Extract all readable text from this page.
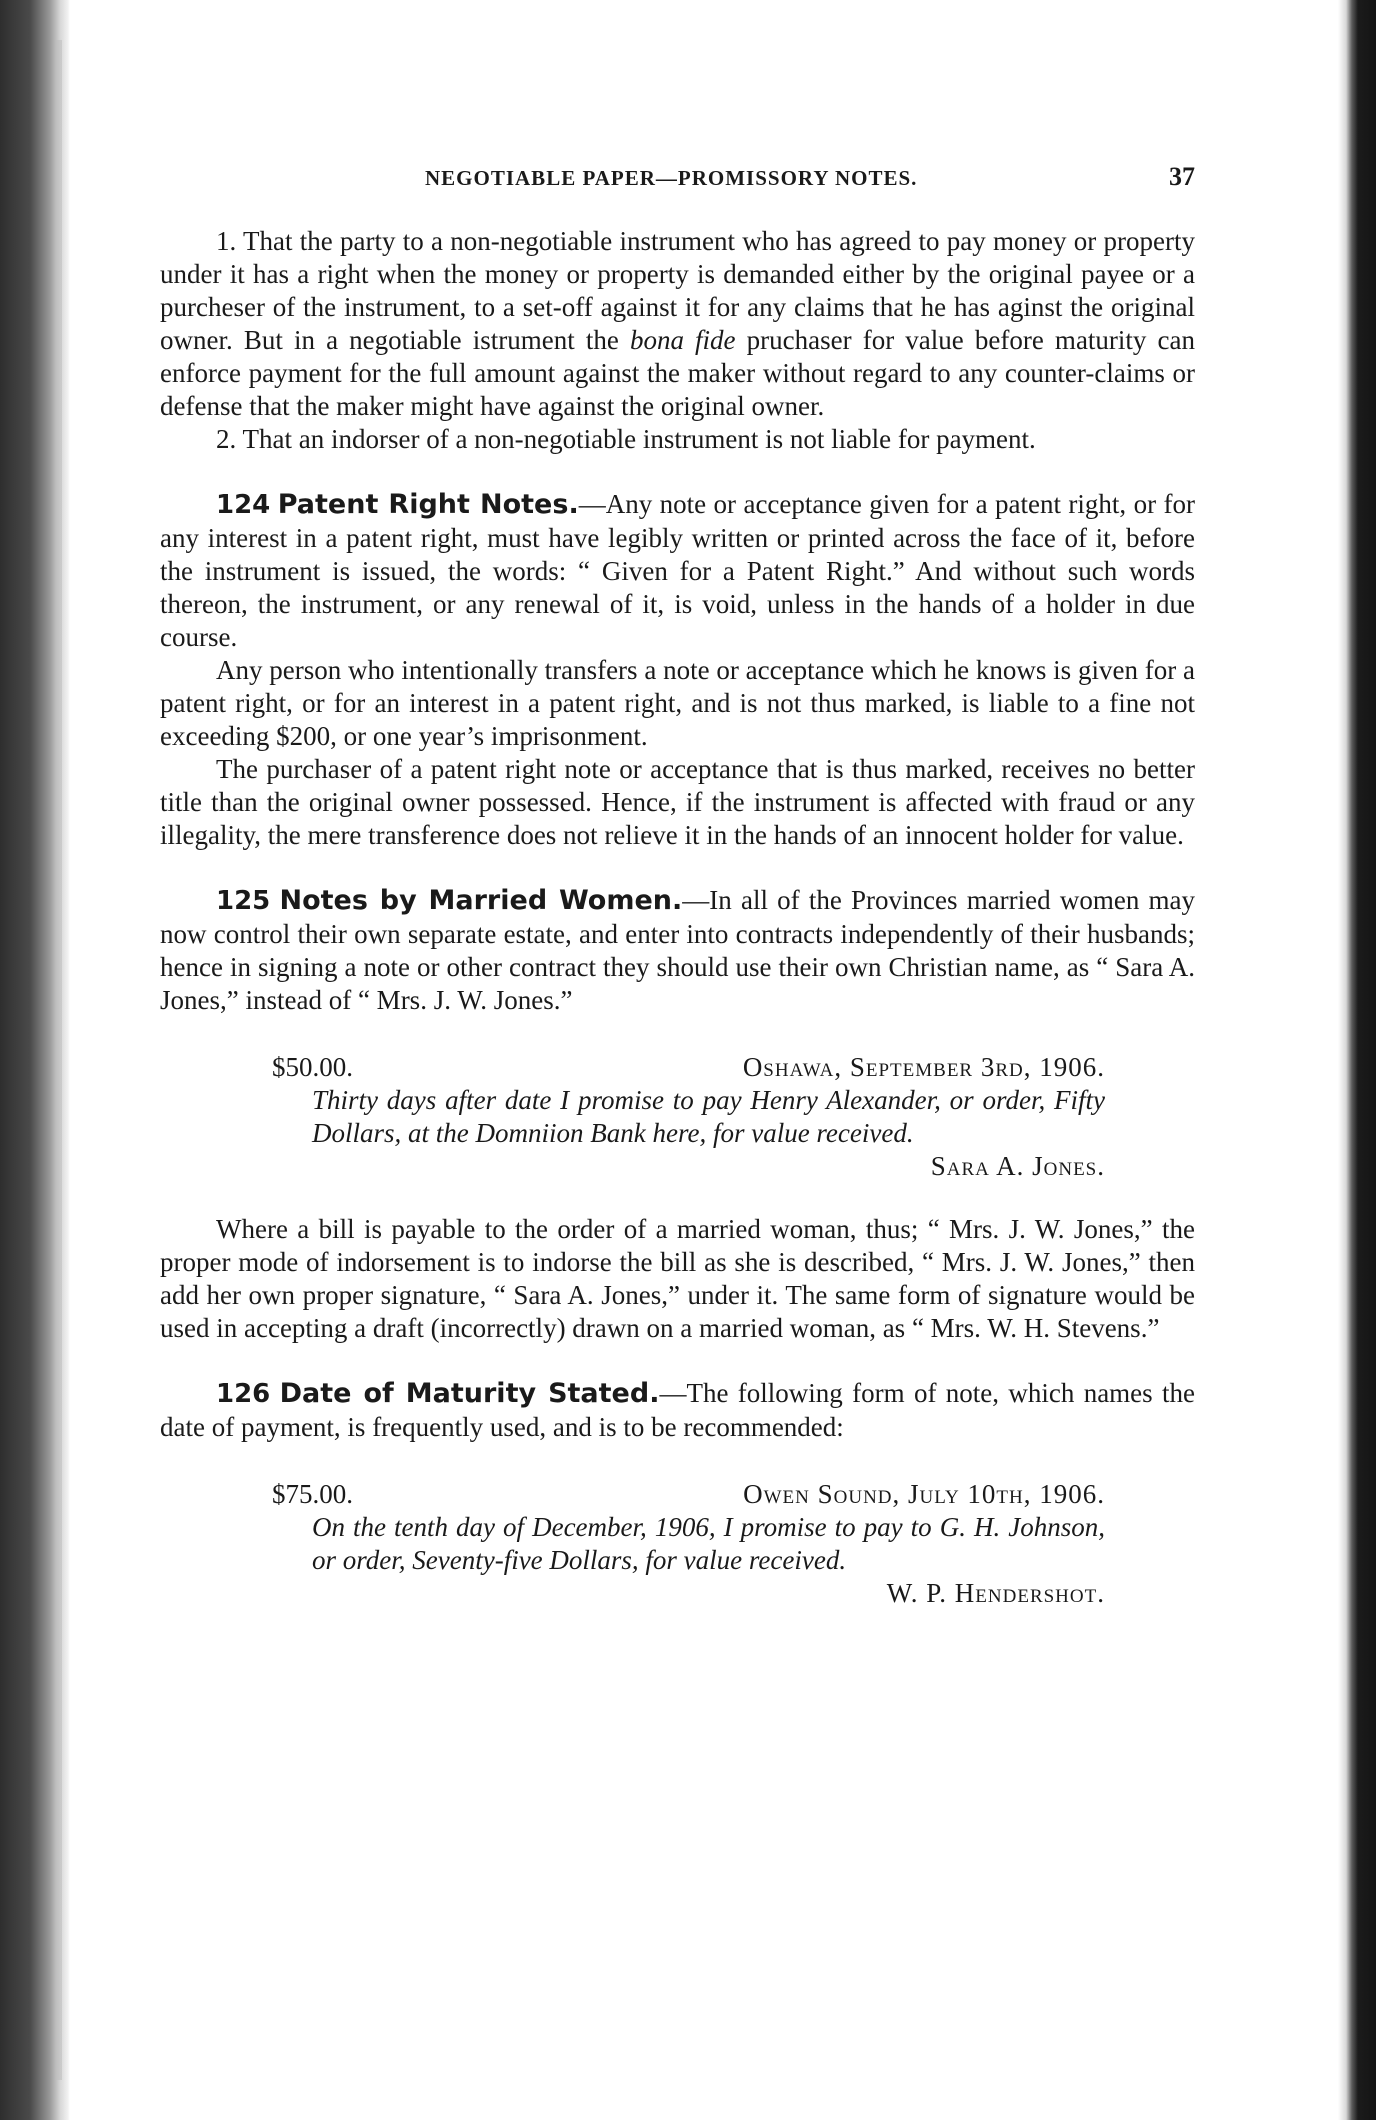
NEGOTIABLE PAPER—PROMISSORY NOTES.	37

1. That the party to a non-negotiable instrument who has agreed to pay money or property under it has a right when the money or property is demanded either by the original payee or a purcheser of the instrument, to a set-off against it for any claims that he has aginst the original owner. But in a negotiable istrument the bona fide pruchaser for value before maturity can enforce payment for the full amount against the maker without regard to any counter-claims or defense that the maker might have against the original owner.

2. That an indorser of a non-negotiable instrument is not liable for payment.

124 Patent Right Notes.—Any note or acceptance given for a patent right, or for any interest in a patent right, must have legibly written or printed across the face of it, before the instrument is issued, the words: “ Given for a Patent Right.” And without such words thereon, the instrument, or any renewal of it, is void, unless in the hands of a holder in due course.

Any person who intentionally transfers a note or acceptance which he knows is given for a patent right, or for an interest in a patent right, and is not thus marked, is liable to a fine not exceeding $200, or one year’s imprisonment.

The purchaser of a patent right note or acceptance that is thus marked, receives no better title than the original owner possessed. Hence, if the instrument is affected with fraud or any illegality, the mere transference does not relieve it in the hands of an innocent holder for value.

125 Notes by Married Women.—In all of the Provinces married women may now control their own separate estate, and enter into contracts independently of their husbands; hence in signing a note or other contract they should use their own Christian name, as “ Sara A. Jones,” instead of “ Mrs. J. W. Jones.”

$50.00.	Oshawa, September 3rd, 1906.

Thirty days after date I promise to pay Henry Alexander, or order, Fifty Dollars, at the Domniion Bank here, for value received.

Sara A. Jones.

Where a bill is payable to the order of a married woman, thus; “ Mrs. J. W. Jones,” the proper mode of indorsement is to indorse the bill as she is described, “ Mrs. J. W. Jones,” then add her own proper signature, “ Sara A. Jones,” under it. The same form of signature would be used in accepting a draft (incorrectly) drawn on a married woman, as “ Mrs. W. H. Stevens.”

126 Date of Maturity Stated.—The following form of note, which names the date of payment, is frequently used, and is to be recommended:

$75.00.	Owen Sound, July 10th, 1906.

On the tenth day of December, 1906, I promise to pay to G. H. Johnson, or order, Seventy-five Dollars, for value received.

W. P. Hendershot.
